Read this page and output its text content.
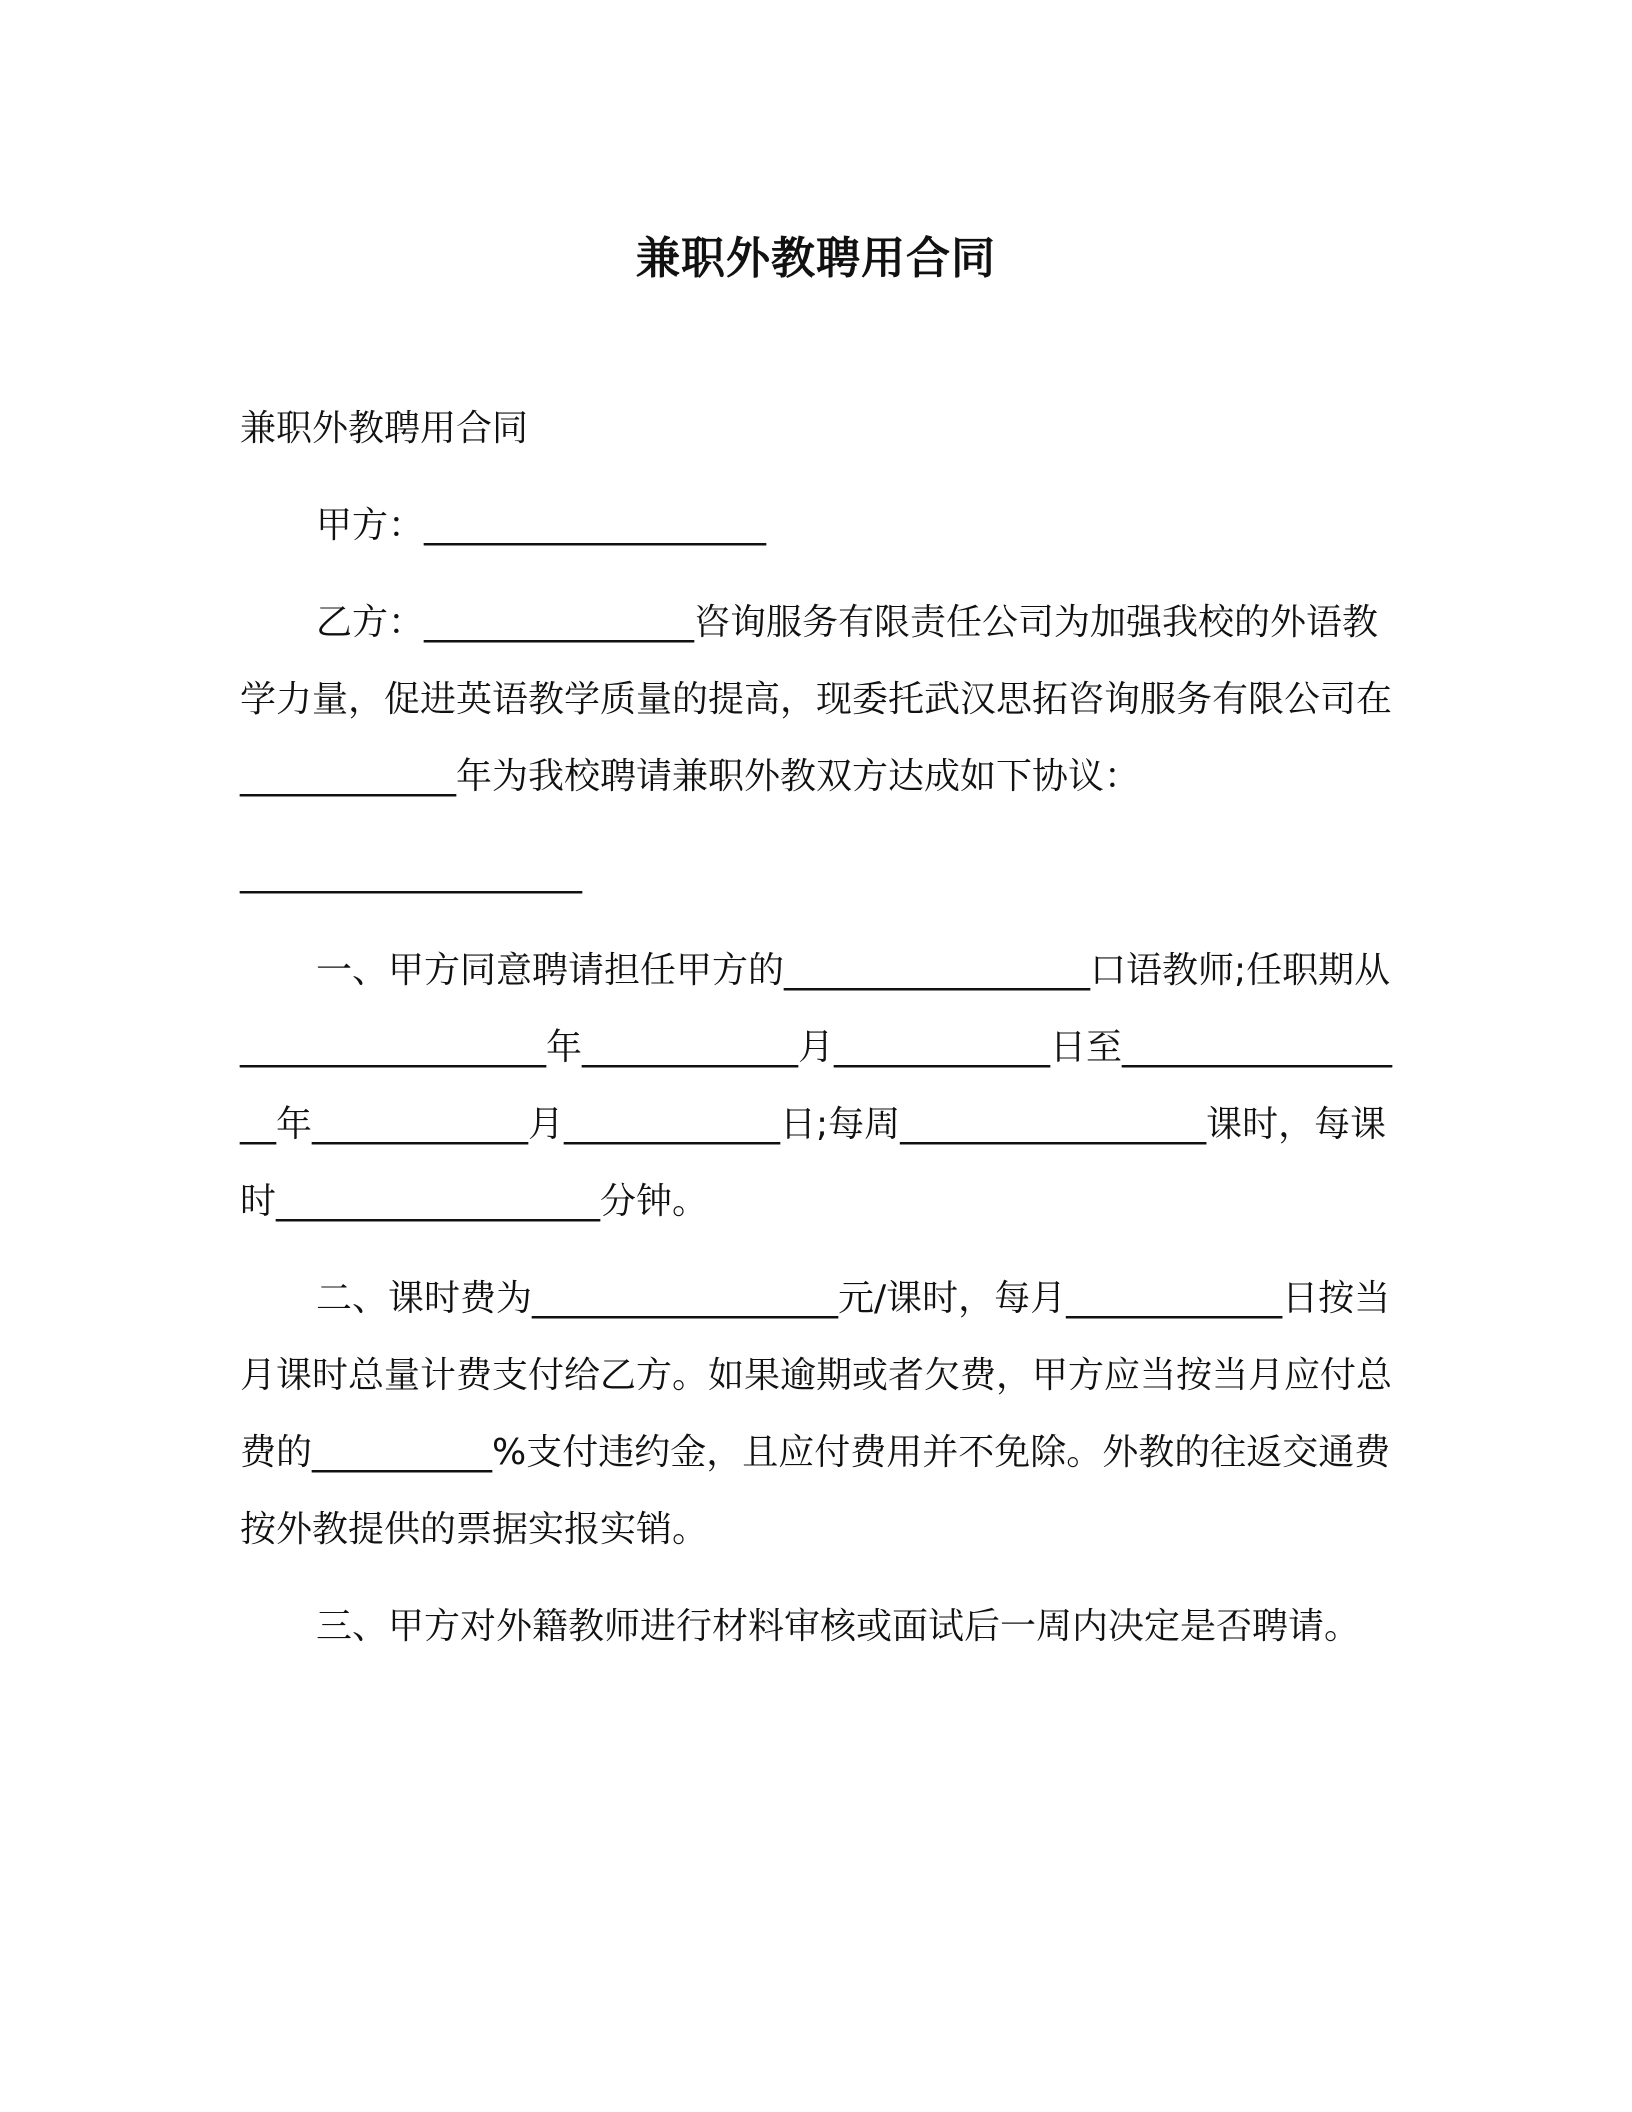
兼职外教聘用合同

兼职外教聘用合同

甲方：___________________

乙方：_______________咨询服务有限责任公司为加强我校的外语教学力量，促进英语教学质量的提高，现委托武汉思拓咨询服务有限公司在____________年为我校聘请兼职外教双方达成如下协议：

___________________

一、甲方同意聘请担任甲方的_________________口语教师;任职期从_________________年____________月____________日至_________________年____________月____________日;每周_________________课时，每课时__________________分钟。

二、课时费为_________________元/课时，每月____________日按当月课时总量计费支付给乙方。如果逾期或者欠费，甲方应当按当月应付总费的__________%支付违约金，且应付费用并不免除。外教的往返交通费按外教提供的票据实报实销。

三、甲方对外籍教师进行材料审核或面试后一周内决定是否聘请。
